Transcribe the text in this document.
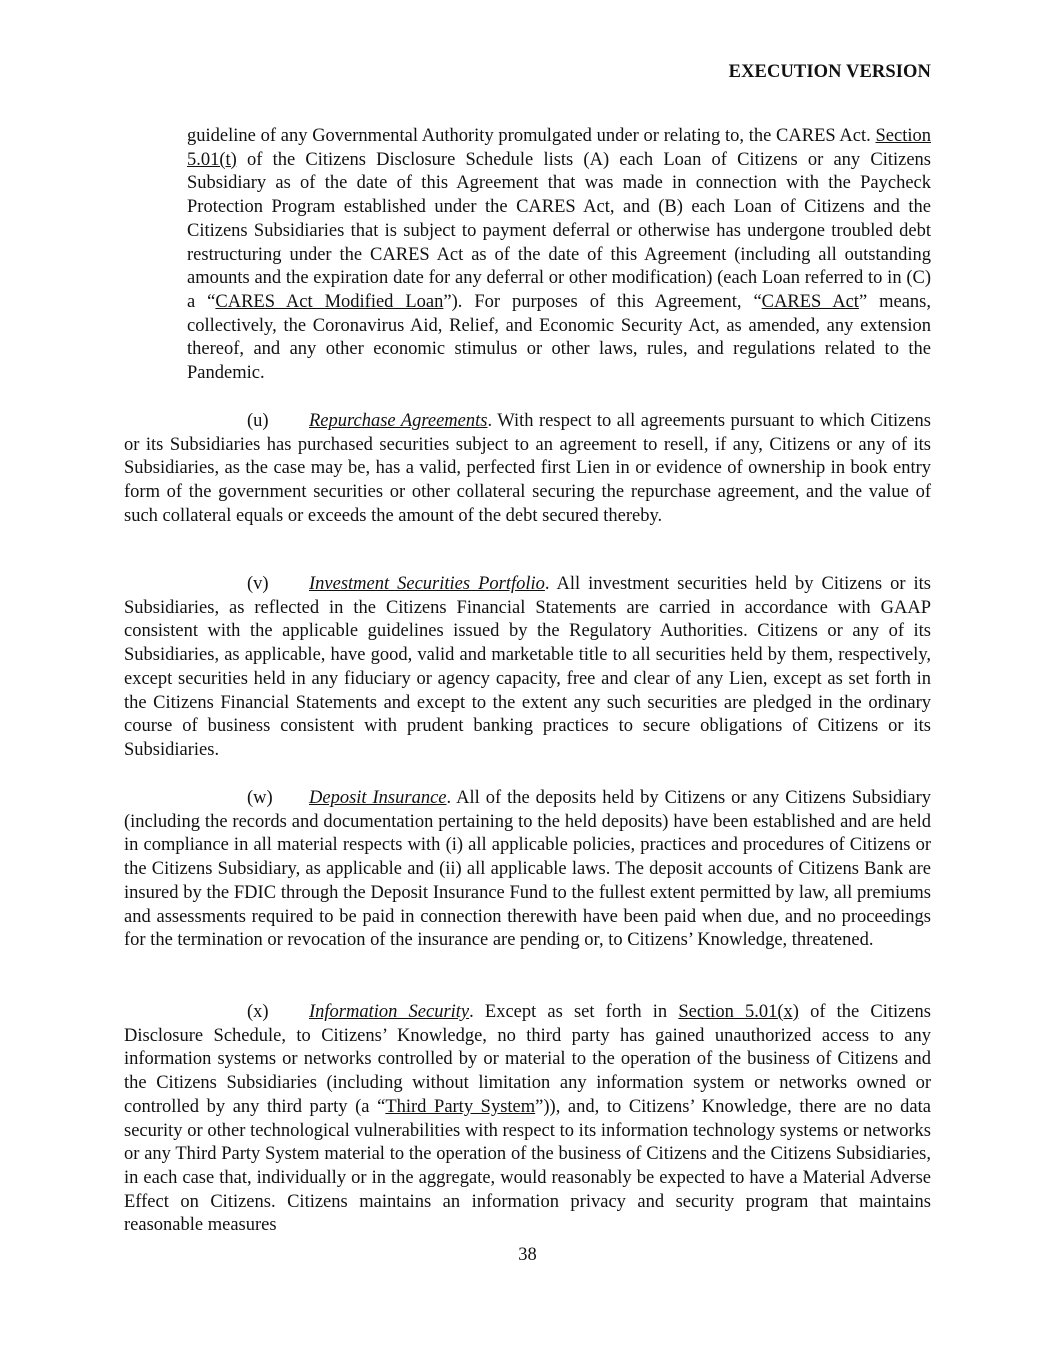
EXECUTION VERSION

guideline of any Governmental Authority promulgated under or relating to, the CARES Act. Section 5.01(t) of the Citizens Disclosure Schedule lists (A) each Loan of Citizens or any Citizens Subsidiary as of the date of this Agreement that was made in connection with the Paycheck Protection Program established under the CARES Act, and (B) each Loan of Citizens and the Citizens Subsidiaries that is subject to payment deferral or otherwise has undergone troubled debt restructuring under the CARES Act as of the date of this Agreement (including all outstanding amounts and the expiration date for any deferral or other modification) (each Loan referred to in (C) a “CARES Act Modified Loan”). For purposes of this Agreement, “CARES Act” means, collectively, the Coronavirus Aid, Relief, and Economic Security Act, as amended, any extension thereof, and any other economic stimulus or other laws, rules, and regulations related to the Pandemic.

(u) Repurchase Agreements. With respect to all agreements pursuant to which Citizens or its Subsidiaries has purchased securities subject to an agreement to resell, if any, Citizens or any of its Subsidiaries, as the case may be, has a valid, perfected first Lien in or evidence of ownership in book entry form of the government securities or other collateral securing the repurchase agreement, and the value of such collateral equals or exceeds the amount of the debt secured thereby.

(v) Investment Securities Portfolio. All investment securities held by Citizens or its Subsidiaries, as reflected in the Citizens Financial Statements are carried in accordance with GAAP consistent with the applicable guidelines issued by the Regulatory Authorities. Citizens or any of its Subsidiaries, as applicable, have good, valid and marketable title to all securities held by them, respectively, except securities held in any fiduciary or agency capacity, free and clear of any Lien, except as set forth in the Citizens Financial Statements and except to the extent any such securities are pledged in the ordinary course of business consistent with prudent banking practices to secure obligations of Citizens or its Subsidiaries.

(w) Deposit Insurance. All of the deposits held by Citizens or any Citizens Subsidiary (including the records and documentation pertaining to the held deposits) have been established and are held in compliance in all material respects with (i) all applicable policies, practices and procedures of Citizens or the Citizens Subsidiary, as applicable and (ii) all applicable laws. The deposit accounts of Citizens Bank are insured by the FDIC through the Deposit Insurance Fund to the fullest extent permitted by law, all premiums and assessments required to be paid in connection therewith have been paid when due, and no proceedings for the termination or revocation of the insurance are pending or, to Citizens’ Knowledge, threatened.

(x) Information Security. Except as set forth in Section 5.01(x) of the Citizens Disclosure Schedule, to Citizens’ Knowledge, no third party has gained unauthorized access to any information systems or networks controlled by or material to the operation of the business of Citizens and the Citizens Subsidiaries (including without limitation any information system or networks owned or controlled by any third party (a “Third Party System”)), and, to Citizens’ Knowledge, there are no data security or other technological vulnerabilities with respect to its information technology systems or networks or any Third Party System material to the operation of the business of Citizens and the Citizens Subsidiaries, in each case that, individually or in the aggregate, would reasonably be expected to have a Material Adverse Effect on Citizens. Citizens maintains an information privacy and security program that maintains reasonable measures

38
